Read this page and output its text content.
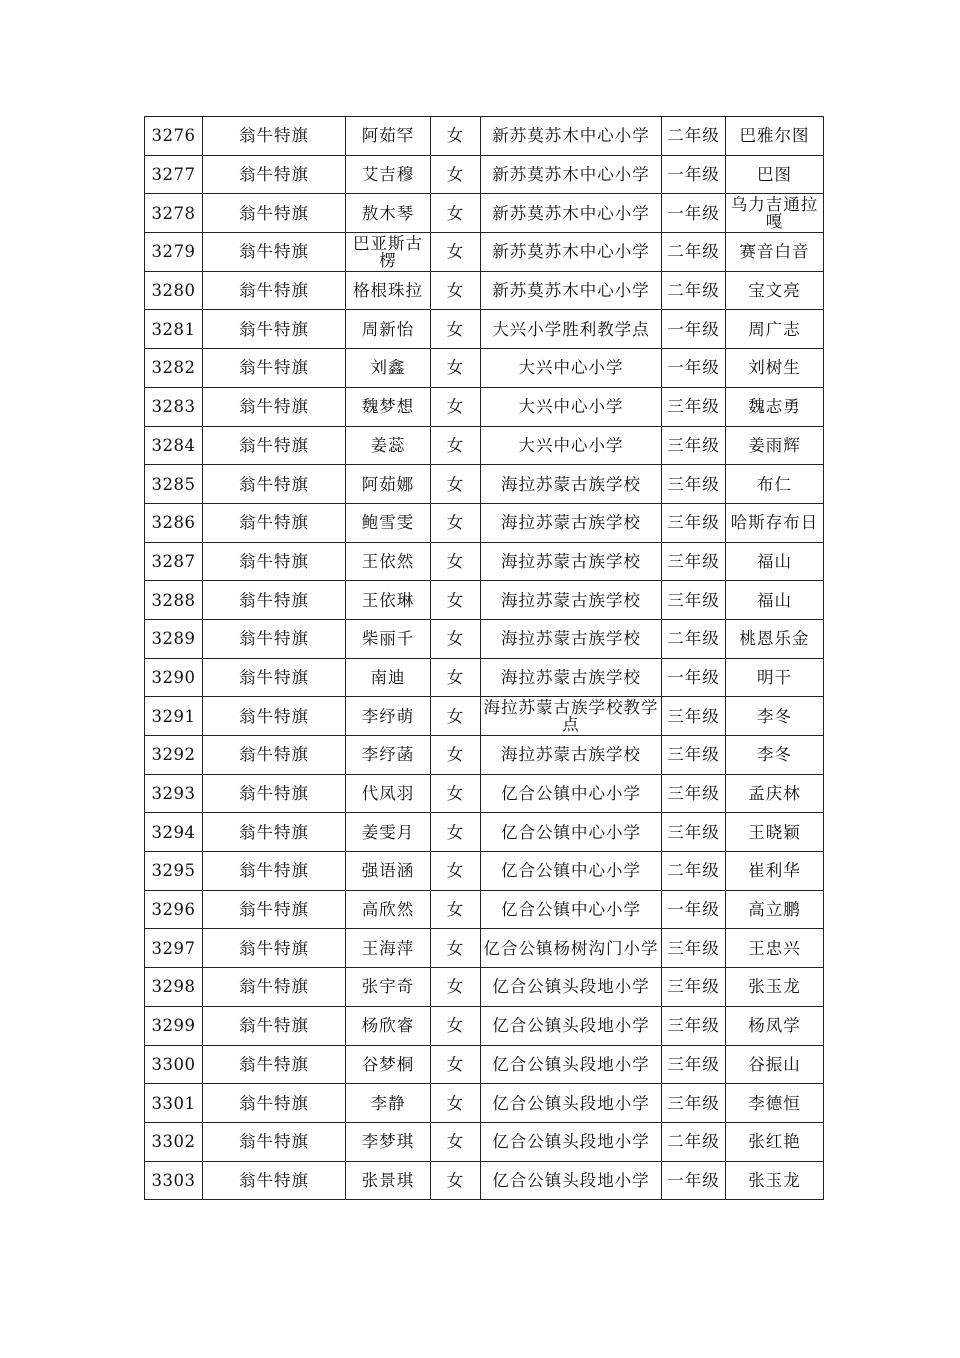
3276	翁牛特旗	阿茹罕	女	新苏莫苏木中心小学	二年级	巴雅尔图
3277	翁牛特旗	艾吉穆	女	新苏莫苏木中心小学	一年级	巴图
3278	翁牛特旗	敖木琴	女	新苏莫苏木中心小学	一年级	乌力吉通拉嘎
3279	翁牛特旗	巴亚斯古楞	女	新苏莫苏木中心小学	二年级	赛音白音
3280	翁牛特旗	格根珠拉	女	新苏莫苏木中心小学	二年级	宝文亮
3281	翁牛特旗	周新怡	女	大兴小学胜利教学点	一年级	周广志
3282	翁牛特旗	刘鑫	女	大兴中心小学	一年级	刘树生
3283	翁牛特旗	魏梦想	女	大兴中心小学	三年级	魏志勇
3284	翁牛特旗	姜蕊	女	大兴中心小学	三年级	姜雨辉
3285	翁牛特旗	阿茹娜	女	海拉苏蒙古族学校	三年级	布仁
3286	翁牛特旗	鲍雪雯	女	海拉苏蒙古族学校	三年级	哈斯存布日
3287	翁牛特旗	王依然	女	海拉苏蒙古族学校	三年级	福山
3288	翁牛特旗	王依琳	女	海拉苏蒙古族学校	三年级	福山
3289	翁牛特旗	柴丽千	女	海拉苏蒙古族学校	二年级	桃恩乐金
3290	翁牛特旗	南迪	女	海拉苏蒙古族学校	一年级	明干
3291	翁牛特旗	李纾萌	女	海拉苏蒙古族学校教学点	三年级	李冬
3292	翁牛特旗	李纾菡	女	海拉苏蒙古族学校	三年级	李冬
3293	翁牛特旗	代凤羽	女	亿合公镇中心小学	三年级	孟庆林
3294	翁牛特旗	姜雯月	女	亿合公镇中心小学	三年级	王晓颖
3295	翁牛特旗	强语涵	女	亿合公镇中心小学	二年级	崔利华
3296	翁牛特旗	高欣然	女	亿合公镇中心小学	一年级	高立鹏
3297	翁牛特旗	王海萍	女	亿合公镇杨树沟门小学	三年级	王忠兴
3298	翁牛特旗	张宇奇	女	亿合公镇头段地小学	三年级	张玉龙
3299	翁牛特旗	杨欣睿	女	亿合公镇头段地小学	三年级	杨凤学
3300	翁牛特旗	谷梦桐	女	亿合公镇头段地小学	三年级	谷振山
3301	翁牛特旗	李静	女	亿合公镇头段地小学	三年级	李德恒
3302	翁牛特旗	李梦琪	女	亿合公镇头段地小学	二年级	张红艳
3303	翁牛特旗	张景琪	女	亿合公镇头段地小学	一年级	张玉龙
